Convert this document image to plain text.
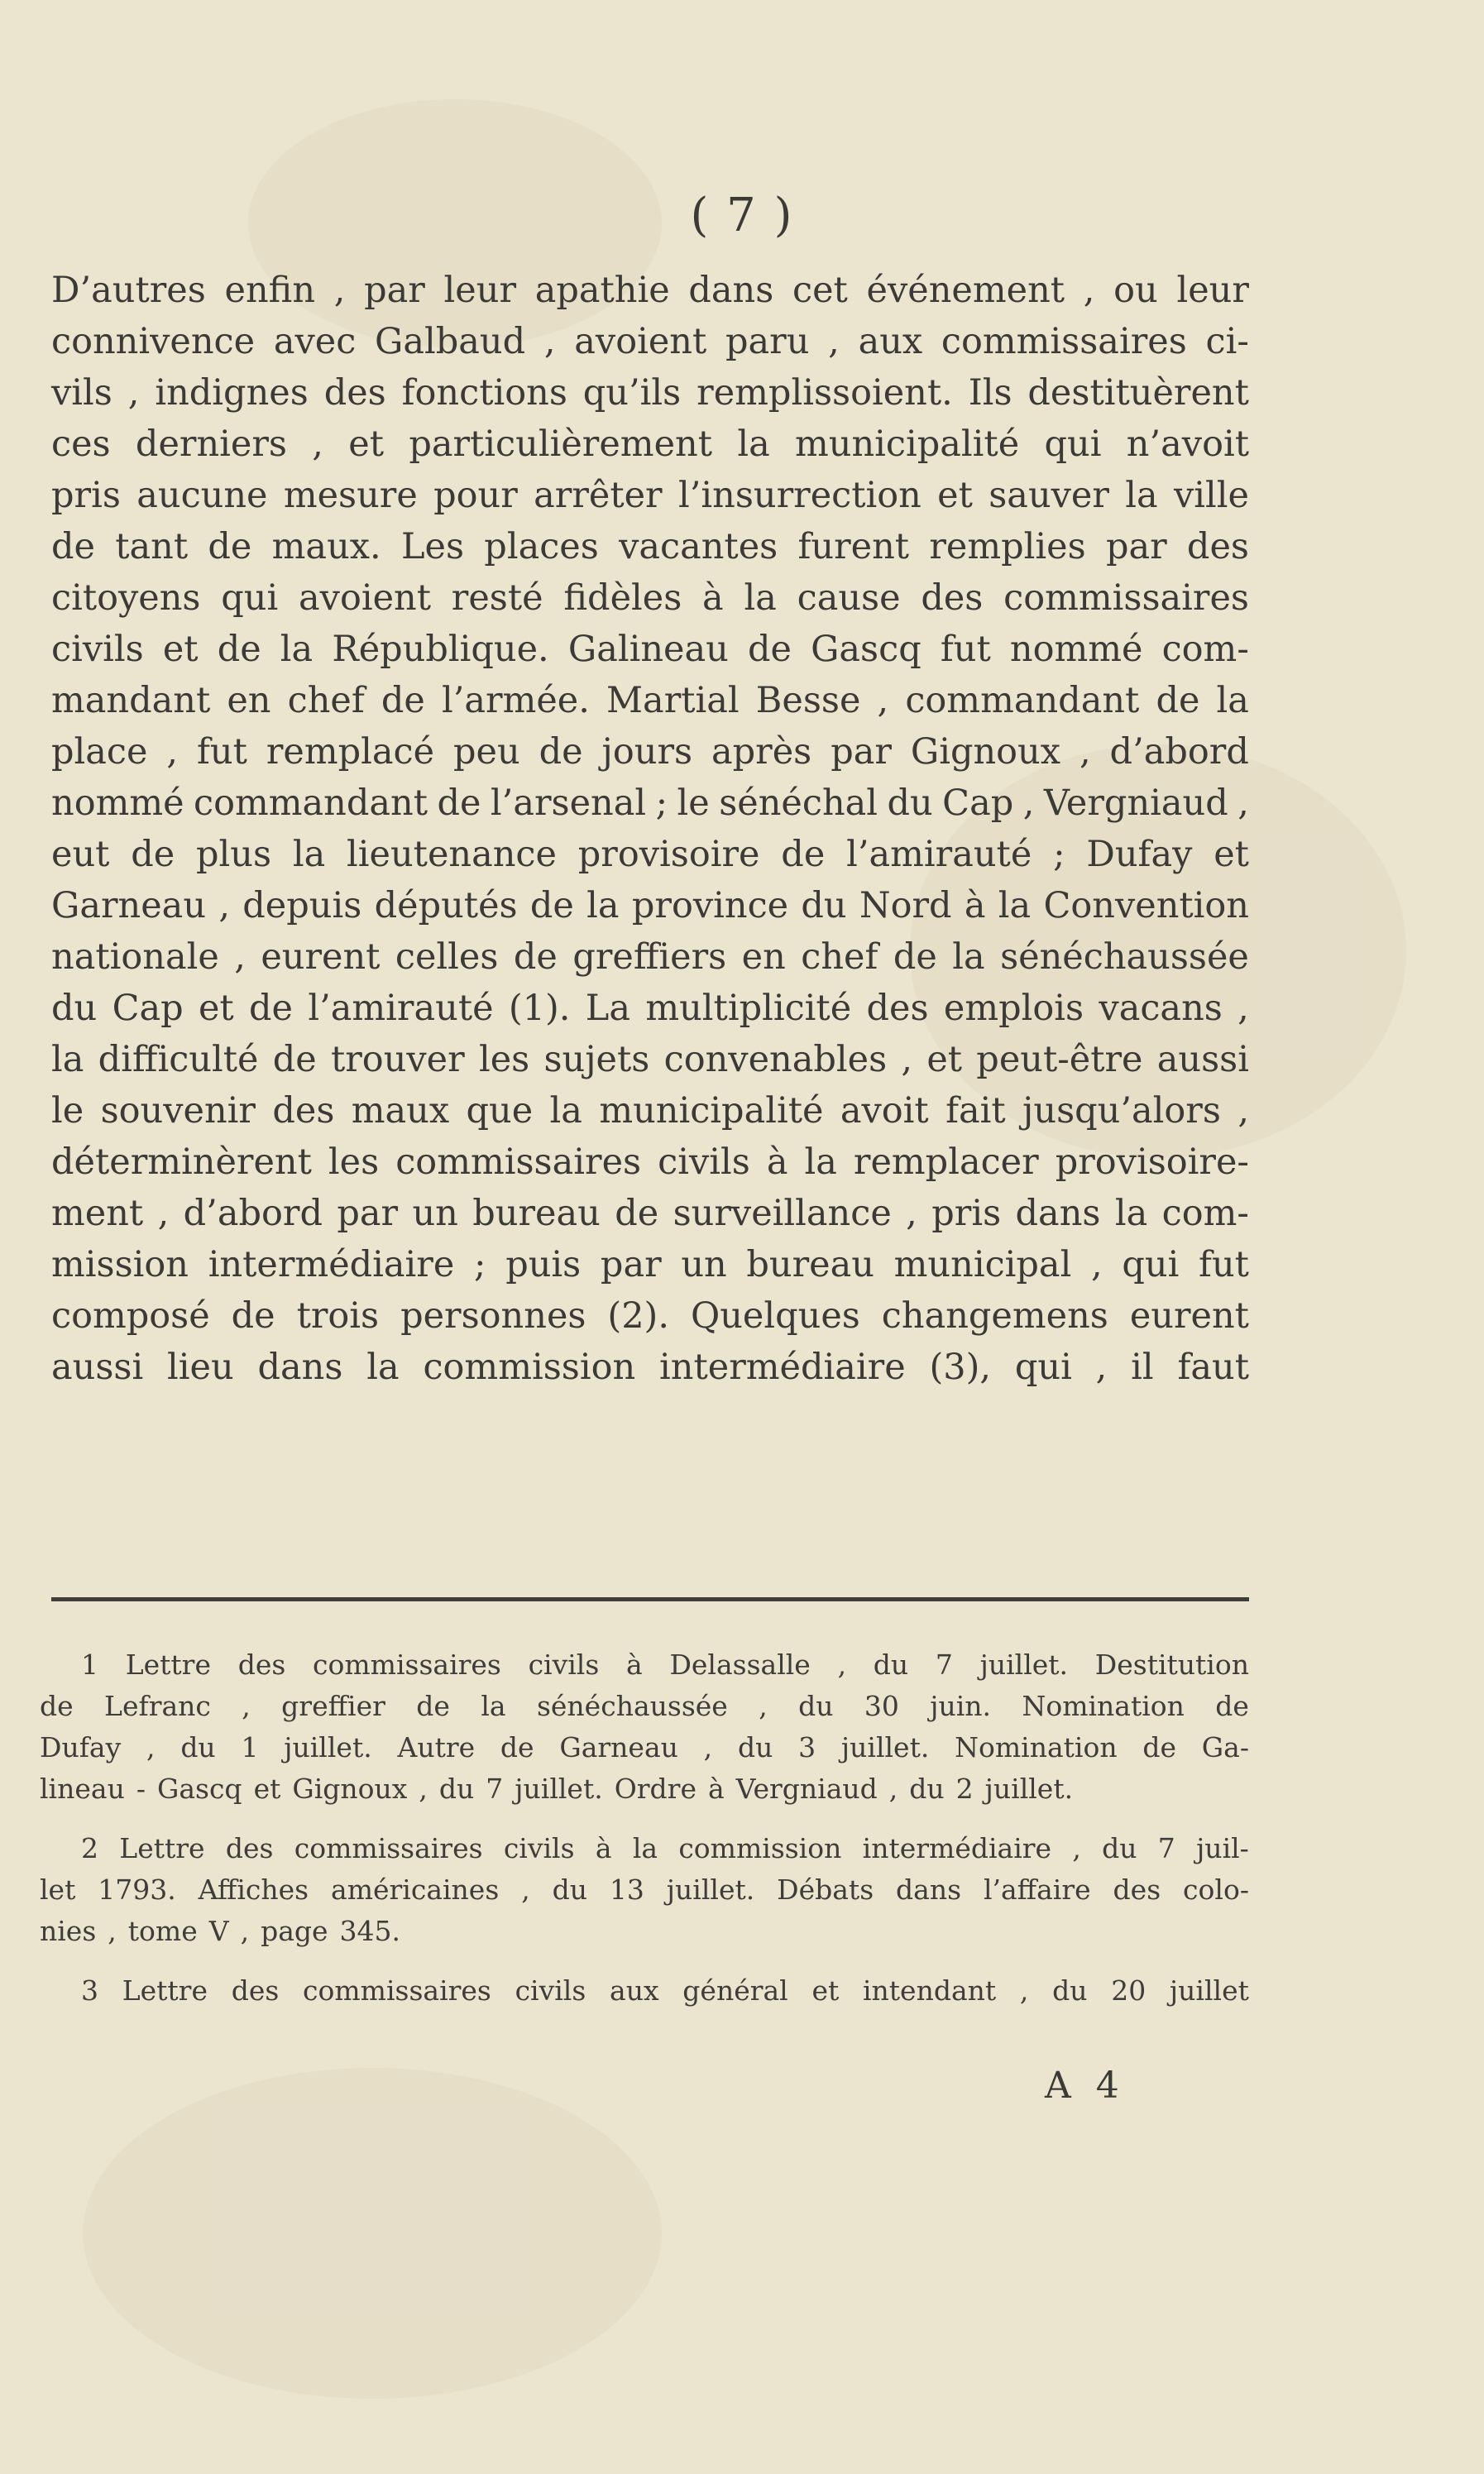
( 7 )
D’autres enfin , par leur apathie dans cet événement , ou leur
connivence avec Galbaud , avoient paru , aux commissaires ci-
vils , indignes des fonctions qu’ils remplissoient. Ils destituèrent
ces derniers , et particulièrement la municipalité qui n’avoit
pris aucune mesure pour arrêter l’insurrection et sauver la ville
de tant de maux. Les places vacantes furent remplies par des
citoyens qui avoient resté fidèles à la cause des commissaires
civils et de la République. Galineau de Gascq fut nommé com-
mandant en chef de l’armée. Martial Besse , commandant de la
place , fut remplacé peu de jours après par Gignoux , d’abord
nommé commandant de l’arsenal ; le sénéchal du Cap , Vergniaud ,
eut de plus la lieutenance provisoire de l’amirauté ; Dufay et
Garneau , depuis députés de la province du Nord à la Convention
nationale , eurent celles de greffiers en chef de la sénéchaussée
du Cap et de l’amirauté (1). La multiplicité des emplois vacans ,
la difficulté de trouver les sujets convenables , et peut-être aussi
le souvenir des maux que la municipalité avoit fait jusqu’alors ,
déterminèrent les commissaires civils à la remplacer provisoire-
ment , d’abord par un bureau de surveillance , pris dans la com-
mission intermédiaire ; puis par un bureau municipal , qui fut
composé de trois personnes (2). Quelques changemens eurent
aussi lieu dans la commission intermédiaire (3), qui , il faut
1 Lettre des commissaires civils à Delassalle , du 7 juillet. Destitution
de Lefranc , greffier de la sénéchaussée , du 30 juin. Nomination de
Dufay , du 1 juillet. Autre de Garneau , du 3 juillet. Nomination de Ga-
lineau - Gascq et Gignoux , du 7 juillet. Ordre à Vergniaud , du 2 juillet.
2 Lettre des commissaires civils à la commission intermédiaire , du 7 juil-
let 1793. Affiches américaines , du 13 juillet. Débats dans l’affaire des colo-
nies , tome V , page 345.
3 Lettre des commissaires civils aux général et intendant , du 20 juillet
A 4
